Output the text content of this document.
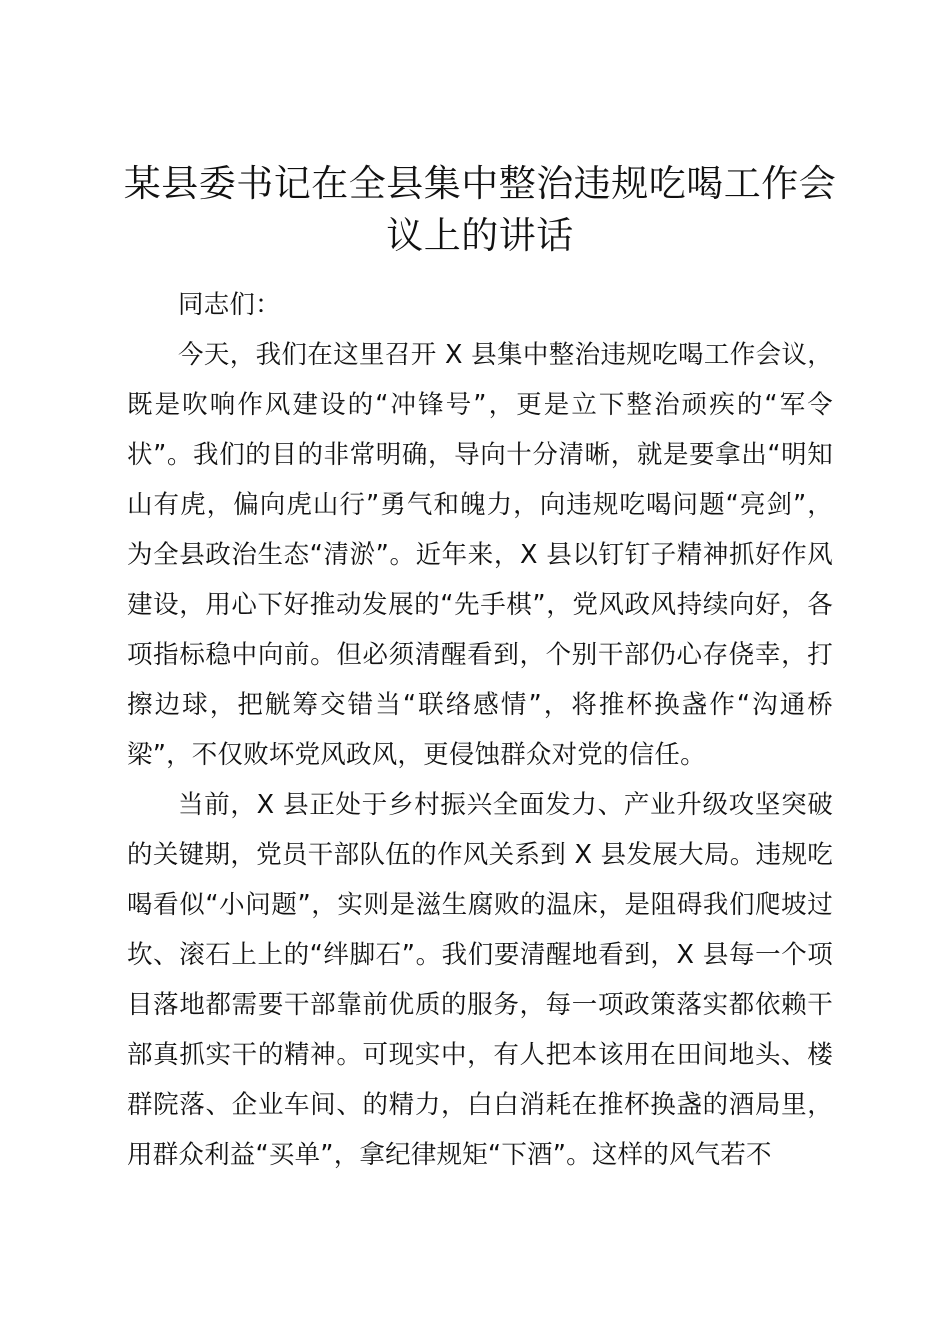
某县委书记在全县集中整治违规吃喝工作会议上的讲话

同志们：

今天，我们在这里召开 X 县集中整治违规吃喝工作会议，既是吹响作风建设的“冲锋号”，更是立下整治顽疾的“军令状”。我们的目的非常明确，导向十分清晰，就是要拿出“明知山有虎，偏向虎山行”勇气和魄力，向违规吃喝问题“亮剑”，为全县政治生态“清淤”。近年来，X 县以钉钉子精神抓好作风建设，用心下好推动发展的“先手棋”，党风政风持续向好，各项指标稳中向前。但必须清醒看到，个别干部仍心存侥幸，打擦边球，把觥筹交错当“联络感情”，将推杯换盏作“沟通桥梁”，不仅败坏党风政风，更侵蚀群众对党的信任。

当前，X 县正处于乡村振兴全面发力、产业升级攻坚突破的关键期，党员干部队伍的作风关系到 X 县发展大局。违规吃喝看似“小问题”，实则是滋生腐败的温床，是阻碍我们爬坡过坎、滚石上上的“绊脚石”。我们要清醒地看到，X 县每一个项目落地都需要干部靠前优质的服务，每一项政策落实都依赖干部真抓实干的精神。可现实中，有人把本该用在田间地头、楼群院落、企业车间、的精力，白白消耗在推杯换盏的酒局里，用群众利益“买单”，拿纪律规矩“下酒”。这样的风气若不
